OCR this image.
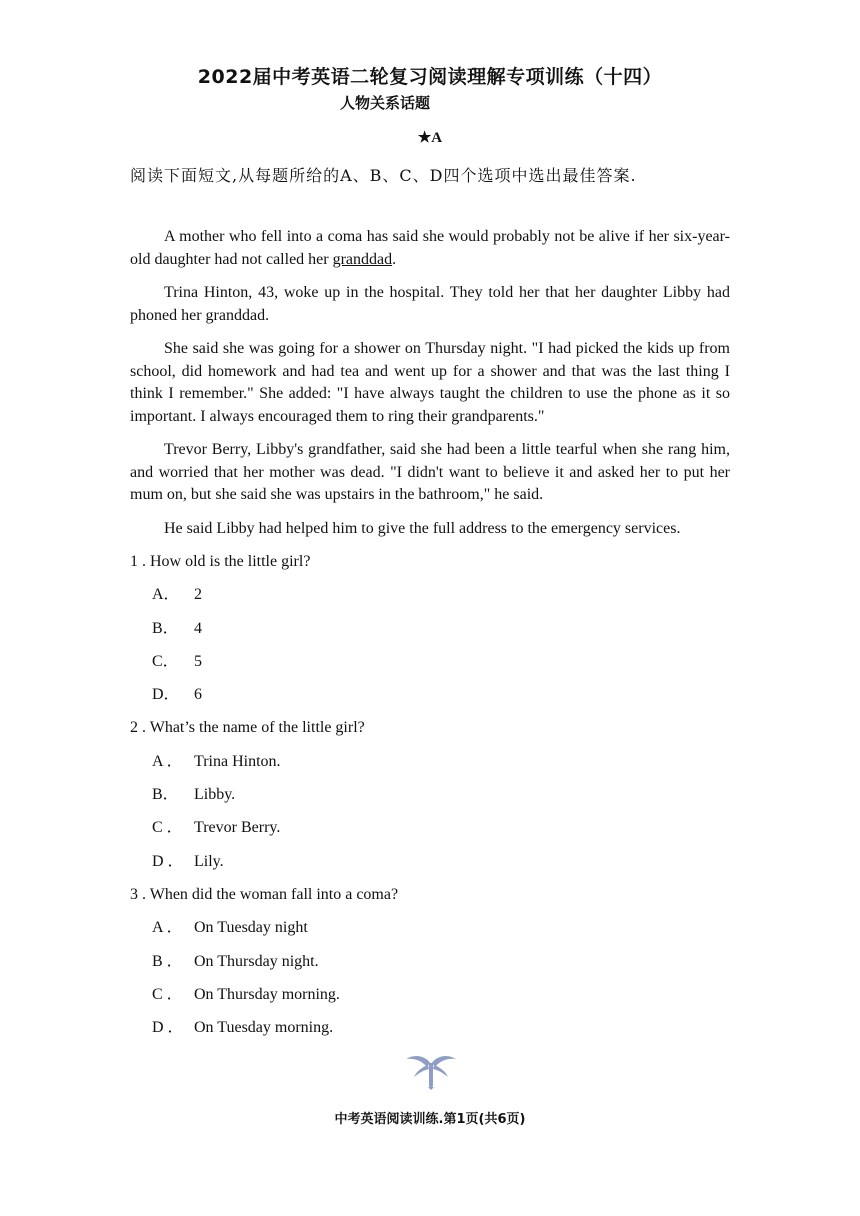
2022届中考英语二轮复习阅读理解专项训练（十四）
人物关系话题
★A
阅读下面短文,从每题所给的A、B、C、D四个选项中选出最佳答案.

A mother who fell into a coma has said she would probably not be alive if her six-year-old daughter had not called her granddad.

Trina Hinton, 43, woke up in the hospital. They told her that her daughter Libby had phoned her granddad.

She said she was going for a shower on Thursday night. "I had picked the kids up from school, did homework and had tea and went up for a shower and that was the last thing I think I remember." She added: "I have always taught the children to use the phone as it so important. I always encouraged them to ring their grandparents."

Trevor Berry, Libby's grandfather, said she had been a little tearful when she rang him, and worried that her mother was dead. "I didn't want to believe it and asked her to put her mum on, but she said she was upstairs in the bathroom," he said.

He said Libby had helped him to give the full address to the emergency services.

1 . How old is the little girl?
A． 2
B． 4
C． 5
D． 6
2 . What’s the name of the little girl?
A ． Trina Hinton.
B． Libby.
C ． Trevor Berry.
D ． Lily.
3 . When did the woman fall into a coma?
A ． On Tuesday night
B ． On Thursday night.
C ． On Thursday morning.
D ． On Tuesday morning.
中考英语阅读训练.第1页(共6页)
